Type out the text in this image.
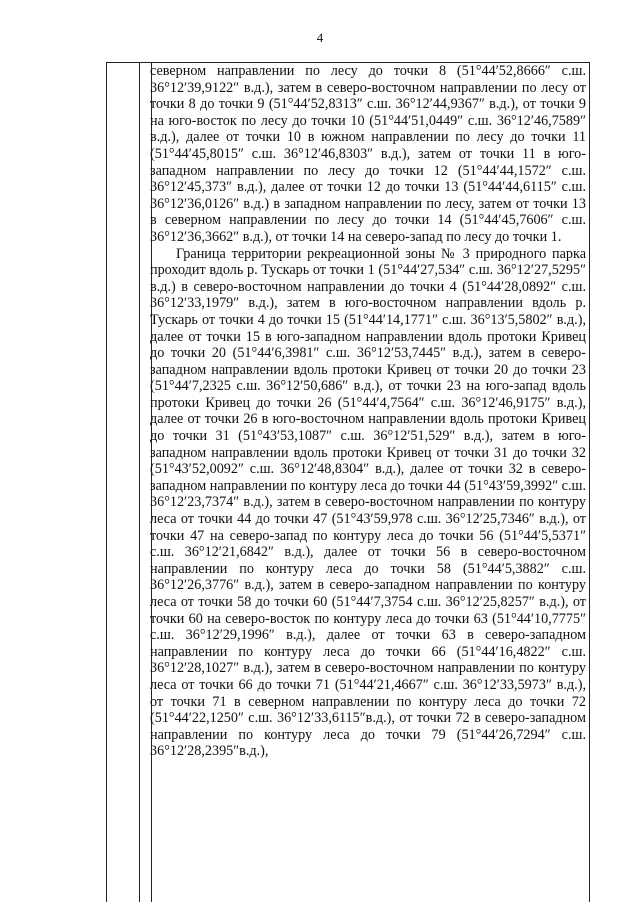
4

северном направлении по лесу до точки 8 (51°44′52,8666″ с.ш. 36°12′39,9122″ в.д.), затем в северо-восточном направлении по лесу от точки 8 до точки 9 (51°44′52,8313″ с.ш. 36°12′44,9367″ в.д.), от точки 9 на юго-восток по лесу до точки 10 (51°44′51,0449″ с.ш. 36°12′46,7589″ в.д.), далее от точки 10 в южном направлении по лесу до точки 11 (51°44′45,8015″ с.ш. 36°12′46,8303″ в.д.), затем от точки 11 в юго-западном направлении по лесу до точки 12 (51°44′44,1572″ с.ш. 36°12′45,373″ в.д.), далее от точки 12 до точки 13 (51°44′44,6115″ с.ш. 36°12′36,0126″ в.д.) в западном направлении по лесу, затем от точки 13 в северном направлении по лесу до точки 14 (51°44′45,7606″ с.ш. 36°12′36,3662″ в.д.), от точки 14 на северо-запад по лесу до точки 1.

Граница территории рекреационной зоны № 3 природного парка проходит вдоль р. Тускарь от точки 1 (51°44′27,534″ с.ш. 36°12′27,5295″ в.д.) в северо-восточном направлении до точки 4 (51°44′28,0892″ с.ш. 36°12′33,1979″ в.д.), затем в юго-восточном направлении вдоль р. Тускарь от точки 4 до точки 15 (51°44′14,1771″ с.ш. 36°13′5,5802″ в.д.), далее от точки 15 в юго-западном направлении вдоль протоки Кривец до точки 20 (51°44′6,3981″ с.ш. 36°12′53,7445″ в.д.), затем в северо-западном направлении вдоль протоки Кривец от точки 20 до точки 23 (51°44′7,2325 с.ш. 36°12′50,686″ в.д.), от точки 23 на юго-запад вдоль протоки Кривец до точки 26 (51°44′4,7564″ с.ш. 36°12′46,9175″ в.д.), далее от точки 26 в юго-восточном направлении вдоль протоки Кривец до точки 31 (51°43′53,1087″ с.ш. 36°12′51,529″ в.д.), затем в юго-западном направлении вдоль протоки Кривец от точки 31 до точки 32 (51°43′52,0092″ с.ш. 36°12′48,8304″ в.д.), далее от точки 32 в северо-западном направлении по контуру леса до точки 44 (51°43′59,3992″ с.ш. 36°12′23,7374″ в.д.), затем в северо-восточном направлении по контуру леса от точки 44 до точки 47 (51°43′59,978 с.ш. 36°12′25,7346″ в.д.), от точки 47 на северо-запад по контуру леса до точки 56 (51°44′5,5371″ с.ш. 36°12′21,6842″ в.д.), далее от точки 56 в северо-восточном направлении по контуру леса до точки 58 (51°44′5,3882″ с.ш. 36°12′26,3776″ в.д.), затем в северо-западном направлении по контуру леса от точки 58 до точки 60 (51°44′7,3754 с.ш. 36°12′25,8257″ в.д.), от точки 60 на северо-восток по контуру леса до точки 63 (51°44′10,7775″ с.ш. 36°12′29,1996″ в.д.), далее от точки 63 в северо-западном направлении по контуру леса до точки 66 (51°44′16,4822″ с.ш. 36°12′28,1027″ в.д.), затем в северо-восточном направлении по контуру леса от точки 66 до точки 71 (51°44′21,4667″ с.ш. 36°12′33,5973″ в.д.), от точки 71 в северном направлении по контуру леса до точки 72 (51°44′22,1250″ с.ш. 36°12′33,6115″в.д.), от точки 72 в северо-западном направлении по контуру леса до точки 79 (51°44′26,7294″ с.ш. 36°12′28,2395″в.д.),
